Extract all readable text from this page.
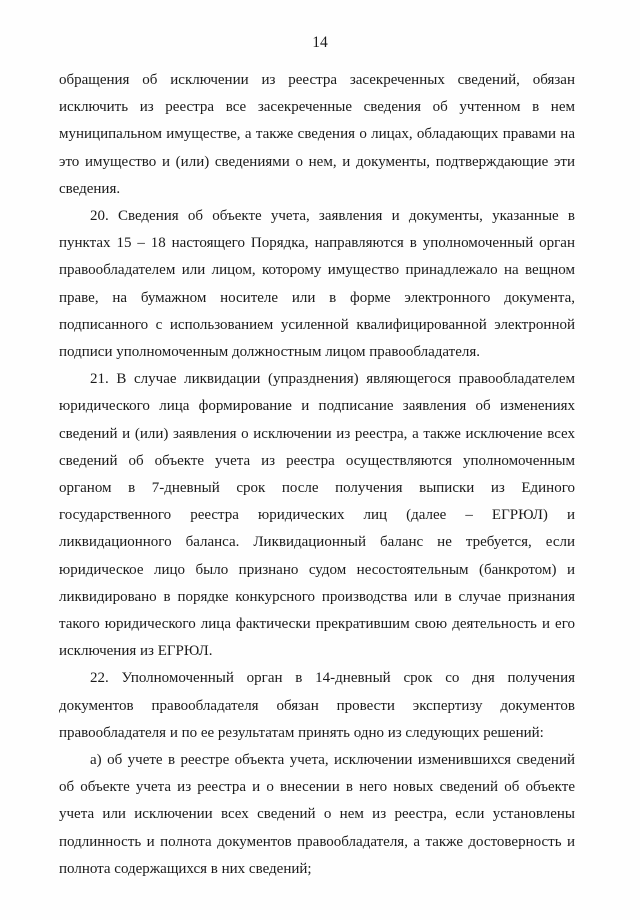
14

обращения об исключении из реестра засекреченных сведений, обязан исключить из реестра все засекреченные сведения об учтенном в нем муниципальном имуществе, а также сведения о лицах, обладающих правами на это имущество и (или) сведениями о нем, и документы, подтверждающие эти сведения.

20. Сведения об объекте учета, заявления и документы, указанные в пунктах 15 – 18 настоящего Порядка, направляются в уполномоченный орган правообладателем или лицом, которому имущество принадлежало на вещном праве, на бумажном носителе или в форме электронного документа, подписанного с использованием усиленной квалифицированной электронной подписи уполномоченным должностным лицом правообладателя.

21. В случае ликвидации (упразднения) являющегося правообладателем юридического лица формирование и подписание заявления об изменениях сведений и (или) заявления о исключении из реестра, а также исключение всех сведений об объекте учета из реестра осуществляются уполномоченным органом в 7-дневный срок после получения выписки из Единого государственного реестра юридических лиц (далее – ЕГРЮЛ) и ликвидационного баланса. Ликвидационный баланс не требуется, если юридическое лицо было признано судом несостоятельным (банкротом) и ликвидировано в порядке конкурсного производства или в случае признания такого юридического лица фактически прекратившим свою деятельность и его исключения из ЕГРЮЛ.

22. Уполномоченный орган в 14-дневный срок со дня получения документов правообладателя обязан провести экспертизу документов правообладателя и по ее результатам принять одно из следующих решений:

а) об учете в реестре объекта учета, исключении изменившихся сведений об объекте учета из реестра и о внесении в него новых сведений об объекте учета или исключении всех сведений о нем из реестра, если установлены подлинность и полнота документов правообладателя, а также достоверность и полнота содержащихся в них сведений;
